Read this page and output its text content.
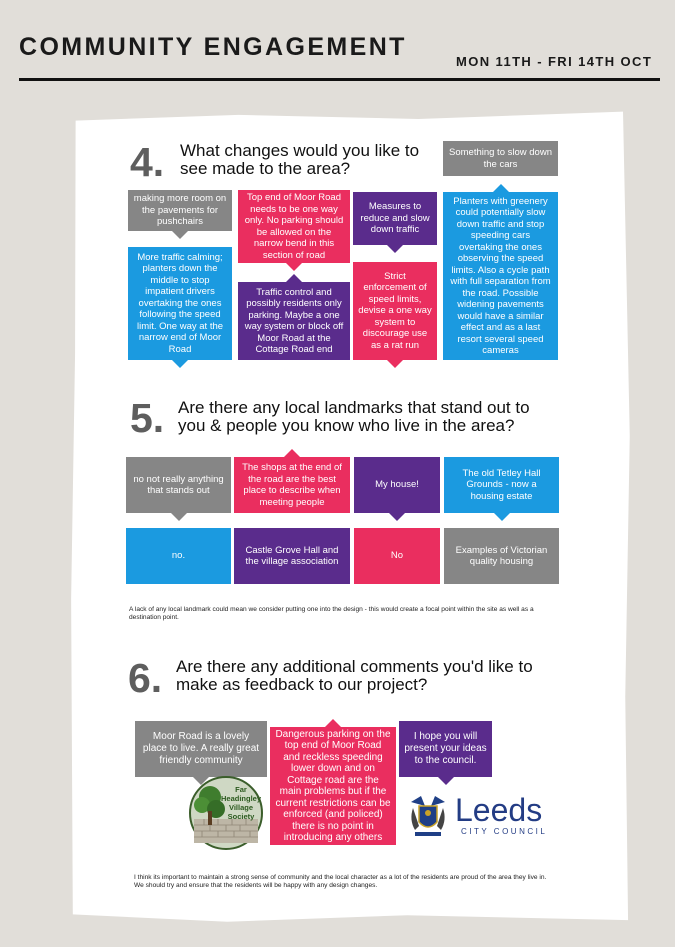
COMMUNITY ENGAGEMENT
MON 11TH - FRI 14TH OCT
4. What changes would you like to see made to the area?
Something to slow down the cars
making more room on the pavements for pushchairs
Top end of Moor Road needs to be one way only. No parking should be allowed on the narrow bend in this section of road
Measures to reduce and slow down traffic
Planters with greenery could potentially slow down traffic and stop speeding cars overtaking the ones observing the speed limits. Also a cycle path with full separation from the road. Possible widening pavements would have a similar effect and as a last resort several speed cameras
More traffic calming; planters down the middle to stop impatient drivers overtaking the ones following the speed limit. One way at the narrow end of Moor Road
Strict enforcement of speed limits, devise a one way system to discourage use as a rat run
Traffic control and possibly residents only parking. Maybe a one way system or block off Moor Road at the Cottage Road end
5. Are there any local landmarks that stand out to you & people you know who live in the area?
no not really anything that stands out
The shops at the end of the road are the best place to describe when meeting people
My house!
The old Tetley Hall Grounds - now a housing estate
no.
Castle Grove Hall and the village association
No
Examples of Victorian quality housing
A lack of any local landmark could mean we consider putting one into the design - this would create a focal point within the site as well as a destination point.
6. Are there any additional comments you'd like to make as feedback to our project?
Moor Road is a lovely place to live. A really great friendly community
Dangerous parking on the top end of Moor Road and reckless speeding lower down and on Cottage road are the main problems but if the current restrictions can be enforced (and policed) there is no point in introducing any others
I hope you will present your ideas to the council.
Far
Headingley
Village
Society	Leeds
CITY COUNCIL
I think its important to maintain a strong sense of community and the local character as a lot of the residents are proud of the area they live in. We should try and ensure that the residents will be happy with any design changes.
